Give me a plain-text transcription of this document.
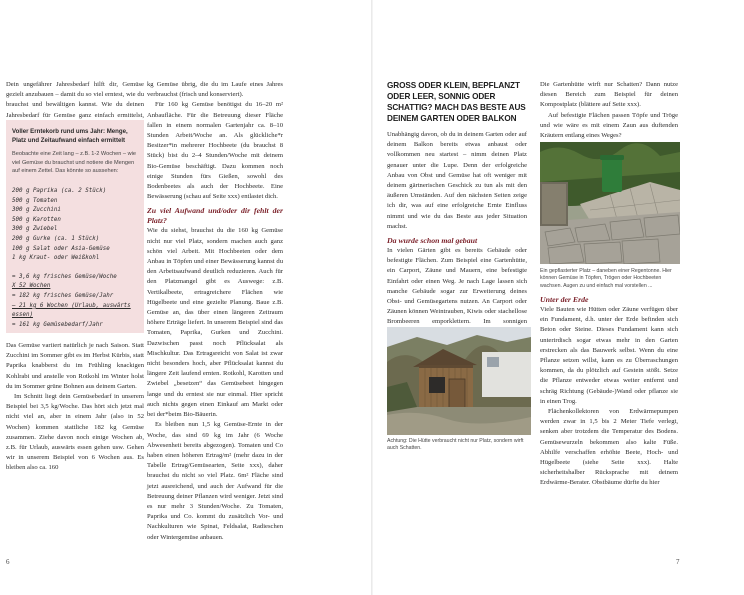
Dein ungefährer Jahresbedarf hilft dir, Gemüse gezielt anzubauen – damit du so viel erntest, wie du brauchst und bewältigen kannst. Wie du deinen Jahresbedarf für Gemüse ganz einfach ermittelst,

Voller Erntekorb rund ums Jahr: Menge, Platz und Zeitaufwand einfach ermittelt
Beobachte eine Zeit lang – z.B. 1-2 Wochen – wie viel Gemüse du brauchst und notiere die Mengen auf einem Zettel. Das könnte so aussehen:
200 g Paprika (ca. 2 Stück)
500 g Tomaten
300 g Zucchini
500 g Karotten
300 g Zwiebel
200 g Gurke (ca. 1 Stück)
100 g Salat oder Asia-Gemüse
1 kg Kraut- oder Weißkohl
= 3,6 kg frisches Gemüse/Woche
X 52 Wochen
= 182 kg frisches Gemüse/Jahr
– 21 kg 6 Wochen (Urlaub, auswärts essen)
= 161 kg Gemüsebedarf/Jahr

Das Gemüse variiert natürlich je nach Saison. Statt Zucchini im Sommer gibt es im Herbst Kürbis, statt Paprika knabberst du im Frühling knackigen Kohlrabi und anstelle von Rotkohl im Winter holst du im Sommer grüne Bohnen aus deinem Garten.

Im Schnitt liegt dein Gemüsebedarf in unserem Beispiel bei 3,5 kg/Woche. Das hört sich jetzt mal nicht viel an, aber in einem Jahr (also in 52 Wochen) kommen stattliche 182 kg Gemüse zusammen. Ziehe davon noch einige Wochen ab, z.B. für Urlaub, auswärts essen gehen usw. Gehen wir in unserem Beispiel von 6 Wochen aus. Es bleiben also ca. 160

kg Gemüse übrig, die du im Laufe eines Jahres verbrauchst (frisch und konserviert).

Für 160 kg Gemüse benötigst du 16–20 m² Anbaufläche. Für die Betreuung dieser Fläche fallen in einem normalen Gartenjahr ca. 8–10 Stunden Arbeit/Woche an. Als glückliche*r Besitzer*in mehrerer Hochbeete (du brauchst 8 Stück) bist du 2–4 Stunden/Woche mit deinem Bio-Gemüse beschäftigt. Dazu kommen noch einige Stunden fürs Gießen, sowohl des Bodenbeetes als auch der Hochbeete. Eine Bewässerung (schau auf Seite xxx) entlastet dich.

Zu viel Aufwand und/oder dir fehlt der Platz?

Wie du siehst, brauchst du die 160 kg Gemüse nicht nur viel Platz, sondern machen auch ganz schön viel Arbeit. Mit Hochbeeten oder dem Anbau in Töpfen und einer Bewässerung kannst du den Arbeitsaufwand deutlich reduzieren. Auch für den Platzmangel gibt es Auswege: z.B. Vertikalbeete, ertragreichere Flächen wie Hügelbeete und eine gezielte Planung. Baue z.B. Gemüse an, das über einen längeren Zeitraum höhere Erträge liefert. In unserem Beispiel sind das Tomaten, Paprika, Gurken und Zucchini. Dazwischen passt noch Pflücksalat als Mischkultur. Das Ertragsreicht von Salat ist zwar nicht besonders hoch, aber Pflücksalat kannst du längere Zeit laufend ernten. Rotkohl, Karotten und Zwiebel „besetzen“ das Gemüsebeet hingegen lange und du erntest sie nur einmal. Hier spricht auch nichts gegen einen Einkauf am Markt oder bei der*beim Bio-Bäuerin.

Es bleiben nun 1,5 kg Gemüse-Ernte in der Woche, das sind 69 kg im Jahr (6 Woche Abwesenheit bereits abgezogen). Tomaten und Co haben einen höheren Ertrag/m² (mehr dazu in der Tabelle Ertrag/Gemüsearten, Seite xxx), daher brauchst du nicht so viel Platz. 6m² Fläche sind jetzt ausreichend, und auch der Aufwand für die Betreuung deiner Pflanzen wird weniger. Jetzt sind es nur mehr 3 Stunden/Woche. Zu Tomaten, Paprika und Co. kommt du zusätzlich Vor- und Nachkulturen wie Spinat, Feldsalat, Radieschen oder Wintergemüse anbauen.

6
GROSS ODER KLEIN, BEPFLANZT ODER LEER, SONNIG ODER SCHATTIG? MACH DAS BESTE AUS DEINEM GARTEN ODER BALKON

Unabhängig davon, ob du in deinem Garten oder auf deinem Balkon bereits etwas anbaust oder vollkommen neu startest – nimm deinen Platz genauer unter die Lupe. Denn der erfolgreiche Anbau von Obst und Gemüse hat oft weniger mit deinem gärtnerischen Geschick zu tun als mit den äußeren Umständen. Auf den nächsten Seiten zeige ich dir, was auf eine erfolgreiche Ernte Einfluss nimmt und wie du das Beste aus jeder Situation machst.

Da wurde schon mal gebaut

In vielen Gärten gibt es bereits Gebäude oder befestigte Flächen. Zum Beispiel eine Gartenhütte, ein Carport, Zäune und Mauern, eine befestigte Einfahrt oder einen Weg. Je nach Lage lassen sich manche Gebäude sogar zur Erweiterung deines Obst- und Gemüsegartens nutzen. An Carport oder Zäunen können Weintrauben, Kiwis oder stachellose Brombeeren emporklettern. Im sonnigen

Achtung: Die Hütte verbraucht nicht nur Platz, sondern wirft auch Schatten.

Die Gartenhütte wirft nur Schatten? Dann nutze diesen Bereich zum Beispiel für deinen Kompostplatz (blättere auf Seite xxx).

Auf befestigte Flächen passen Töpfe und Tröge und wie wäre es mit einem Zaun aus duftenden Kräutern entlang eines Weges?

Ein gepflasterter Platz – daneben einer Regentonne. Hier können Gemüse in Töpfen, Trögen oder Hochbeeten wachsen. Augen zu und einfach mal vorstellen ...
Unter der Erde

Viele Bauten wie Hütten oder Zäune verfügen über ein Fundament, d.h. unter der Erde befinden sich Beton oder Steine. Dieses Fundament kann sich unterirdisch sogar etwas mehr in den Garten erstrecken als das Bauwerk selbst. Wenn du eine Pflanze setzen willst, kann es zu Überraschungen kommen, da du plötzlich auf Gestein stößt. Setze die Pflanze entweder etwas weiter entfernt und schräg Richtung (Gebäude-)Wand oder pflanze sie in einen Trog.

Flächenkollektoren von Erdwärmepumpen werden zwar in 1,5 bis 2 Meter Tiefe verlegt, senken aber trotzdem die Temperatur des Bodens. Gemüsewurzeln bekommen also kalte Füße. Abhilfe verschaffen erhöhte Beete, Hoch- und Hügelbeete (siehe Seite xxx). Halte sicherheitshalber Rücksprache mit deinem Erdwärme-Berater. Obstbäume dürfte du hier

7
